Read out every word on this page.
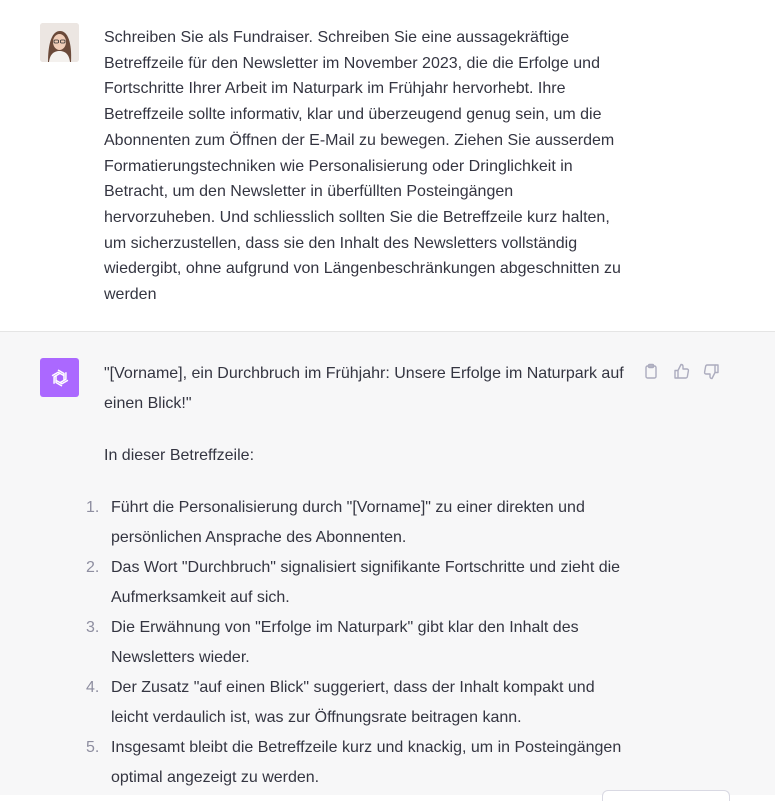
Schreiben Sie als Fundraiser. Schreiben Sie eine aussagekräftige Betreffzeile für den Newsletter im November 2023, die die Erfolge und Fortschritte Ihrer Arbeit im Naturpark im Frühjahr hervorhebt. Ihre Betreffzeile sollte informativ, klar und überzeugend genug sein, um die Abonnenten zum Öffnen der E-Mail zu bewegen. Ziehen Sie ausserdem Formatierungstechniken wie Personalisierung oder Dringlichkeit in Betracht, um den Newsletter in überfüllten Posteingängen hervorzuheben. Und schliesslich sollten Sie die Betreffzeile kurz halten, um sicherzustellen, dass sie den Inhalt des Newsletters vollständig wiedergibt, ohne aufgrund von Längenbeschränkungen abgeschnitten zu werden

"[Vorname], ein Durchbruch im Frühjahr: Unsere Erfolge im Naturpark auf einen Blick!"

In dieser Betreffzeile:

1. Führt die Personalisierung durch "[Vorname]" zu einer direkten und persönlichen Ansprache des Abonnenten.
2. Das Wort "Durchbruch" signalisiert signifikante Fortschritte und zieht die Aufmerksamkeit auf sich.
3. Die Erwähnung von "Erfolge im Naturpark" gibt klar den Inhalt des Newsletters wieder.
4. Der Zusatz "auf einen Blick" suggeriert, dass der Inhalt kompakt und leicht verdaulich ist, was zur Öffnungsrate beitragen kann.
5. Insgesamt bleibt die Betreffzeile kurz und knackig, um in Posteingängen optimal angezeigt zu werden.
